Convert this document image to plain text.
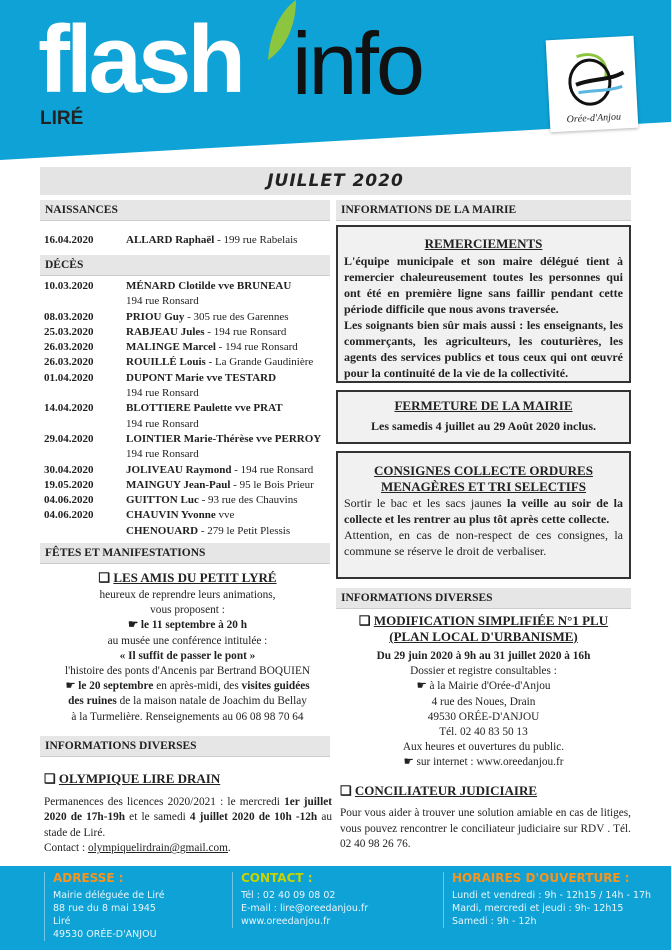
flash info
LIRÉ	Orée-d'Anjou
JUILLET 2020
NAISSANCES
16.04.2020	ALLARD Raphaël - 199 rue Rabelais
DÉCÈS
10.03.2020	MÉNARD Clotilde vve BRUNEAU
194 rue Ronsard
08.03.2020	PRIOU Guy - 305 rue des Garennes
25.03.2020	RABJEAU Jules - 194 rue Ronsard
26.03.2020	MALINGE Marcel - 194 rue Ronsard
26.03.2020	ROUILLÉ Louis - La Grande Gaudinière
01.04.2020	DUPONT Marie vve TESTARD
194 rue Ronsard
14.04.2020	BLOTTIERE Paulette vve PRAT
194 rue Ronsard
29.04.2020	LOINTIER Marie-Thérèse vve PERROY
194 rue Ronsard
30.04.2020	JOLIVEAU Raymond - 194 rue Ronsard
19.05.2020	MAINGUY Jean-Paul - 95 le Bois Prieur
04.06.2020	GUITTON Luc - 93 rue des Chauvins
04.06.2020	CHAUVIN Yvonne vve
CHENOUARD - 279 le Petit Plessis
FÊTES ET MANIFESTATIONS
❑ LES AMIS DU PETIT LYRÉ
heureux de reprendre leurs animations,
vous proposent :
☛ le 11 septembre à 20 h
au musée une conférence intitulée :
« Il suffit de passer le pont »
l'histoire des ponts d'Ancenis par Bertrand BOQUIEN
☛ le 20 septembre en après-midi, des visites guidées
des ruines de la maison natale de Joachim du Bellay
à la Turmelière. Renseignements au 06 08 98 70 64
INFORMATIONS DIVERSES
❑ OLYMPIQUE LIRE DRAIN
Permanences des licences 2020/2021 : le mercredi 1er juillet 2020 de 17h-19h et le samedi 4 juillet 2020 de 10h -12h au stade de Liré.
Contact : olympiquelirdrain@gmail.com.
INFORMATIONS DE LA MAIRIE
REMERCIEMENTS
L'équipe municipale et son maire délégué tient à remercier chaleureusement toutes les personnes qui ont été en première ligne sans faillir pendant cette période difficile que nous avons traversée.
Les soignants bien sûr mais aussi : les enseignants, les commerçants, les agriculteurs, les couturières, les agents des services publics et tous ceux qui ont œuvré pour la continuité de la vie de la collectivité.
FERMETURE DE LA MAIRIE
Les samedis 4 juillet au 29 Août 2020 inclus.
CONSIGNES COLLECTE ORDURES
MENAGÈRES ET TRI SELECTIFS
Sortir le bac et les sacs jaunes la veille au soir de la collecte et les rentrer au plus tôt après cette collecte.
Attention, en cas de non-respect de ces consignes, la commune se réserve le droit de verbaliser.
INFORMATIONS DIVERSES
❑ MODIFICATION SIMPLIFIÉE N°1 PLU
(PLAN LOCAL D'URBANISME)
Du 29 juin 2020 à 9h au 31 juillet 2020 à 16h
Dossier et registre consultables :
☛ à la Mairie d'Orée-d'Anjou
4 rue des Noues, Drain
49530 ORÉE-D'ANJOU
Tél. 02 40 83 50 13
Aux heures et ouvertures du public.
☛ sur internet : www.oreedanjou.fr
❑ CONCILIATEUR JUDICIAIRE
Pour vous aider à trouver une solution amiable en cas de litiges, vous pouvez rencontrer le conciliateur judiciaire sur RDV . Tél. 02 40 98 26 76.
ADRESSE :
Mairie déléguée de Liré
88 rue du 8 mai 1945
Liré
49530 ORÉE-D'ANJOU
CONTACT :
Tél : 02 40 09 08 02
E-mail : lire@oreedanjou.fr
www.oreedanjou.fr
HORAIRES D'OUVERTURE :
Lundi et vendredi : 9h - 12h15 / 14h - 17h
Mardi, mercredi et jeudi : 9h- 12h15
Samedi : 9h - 12h
